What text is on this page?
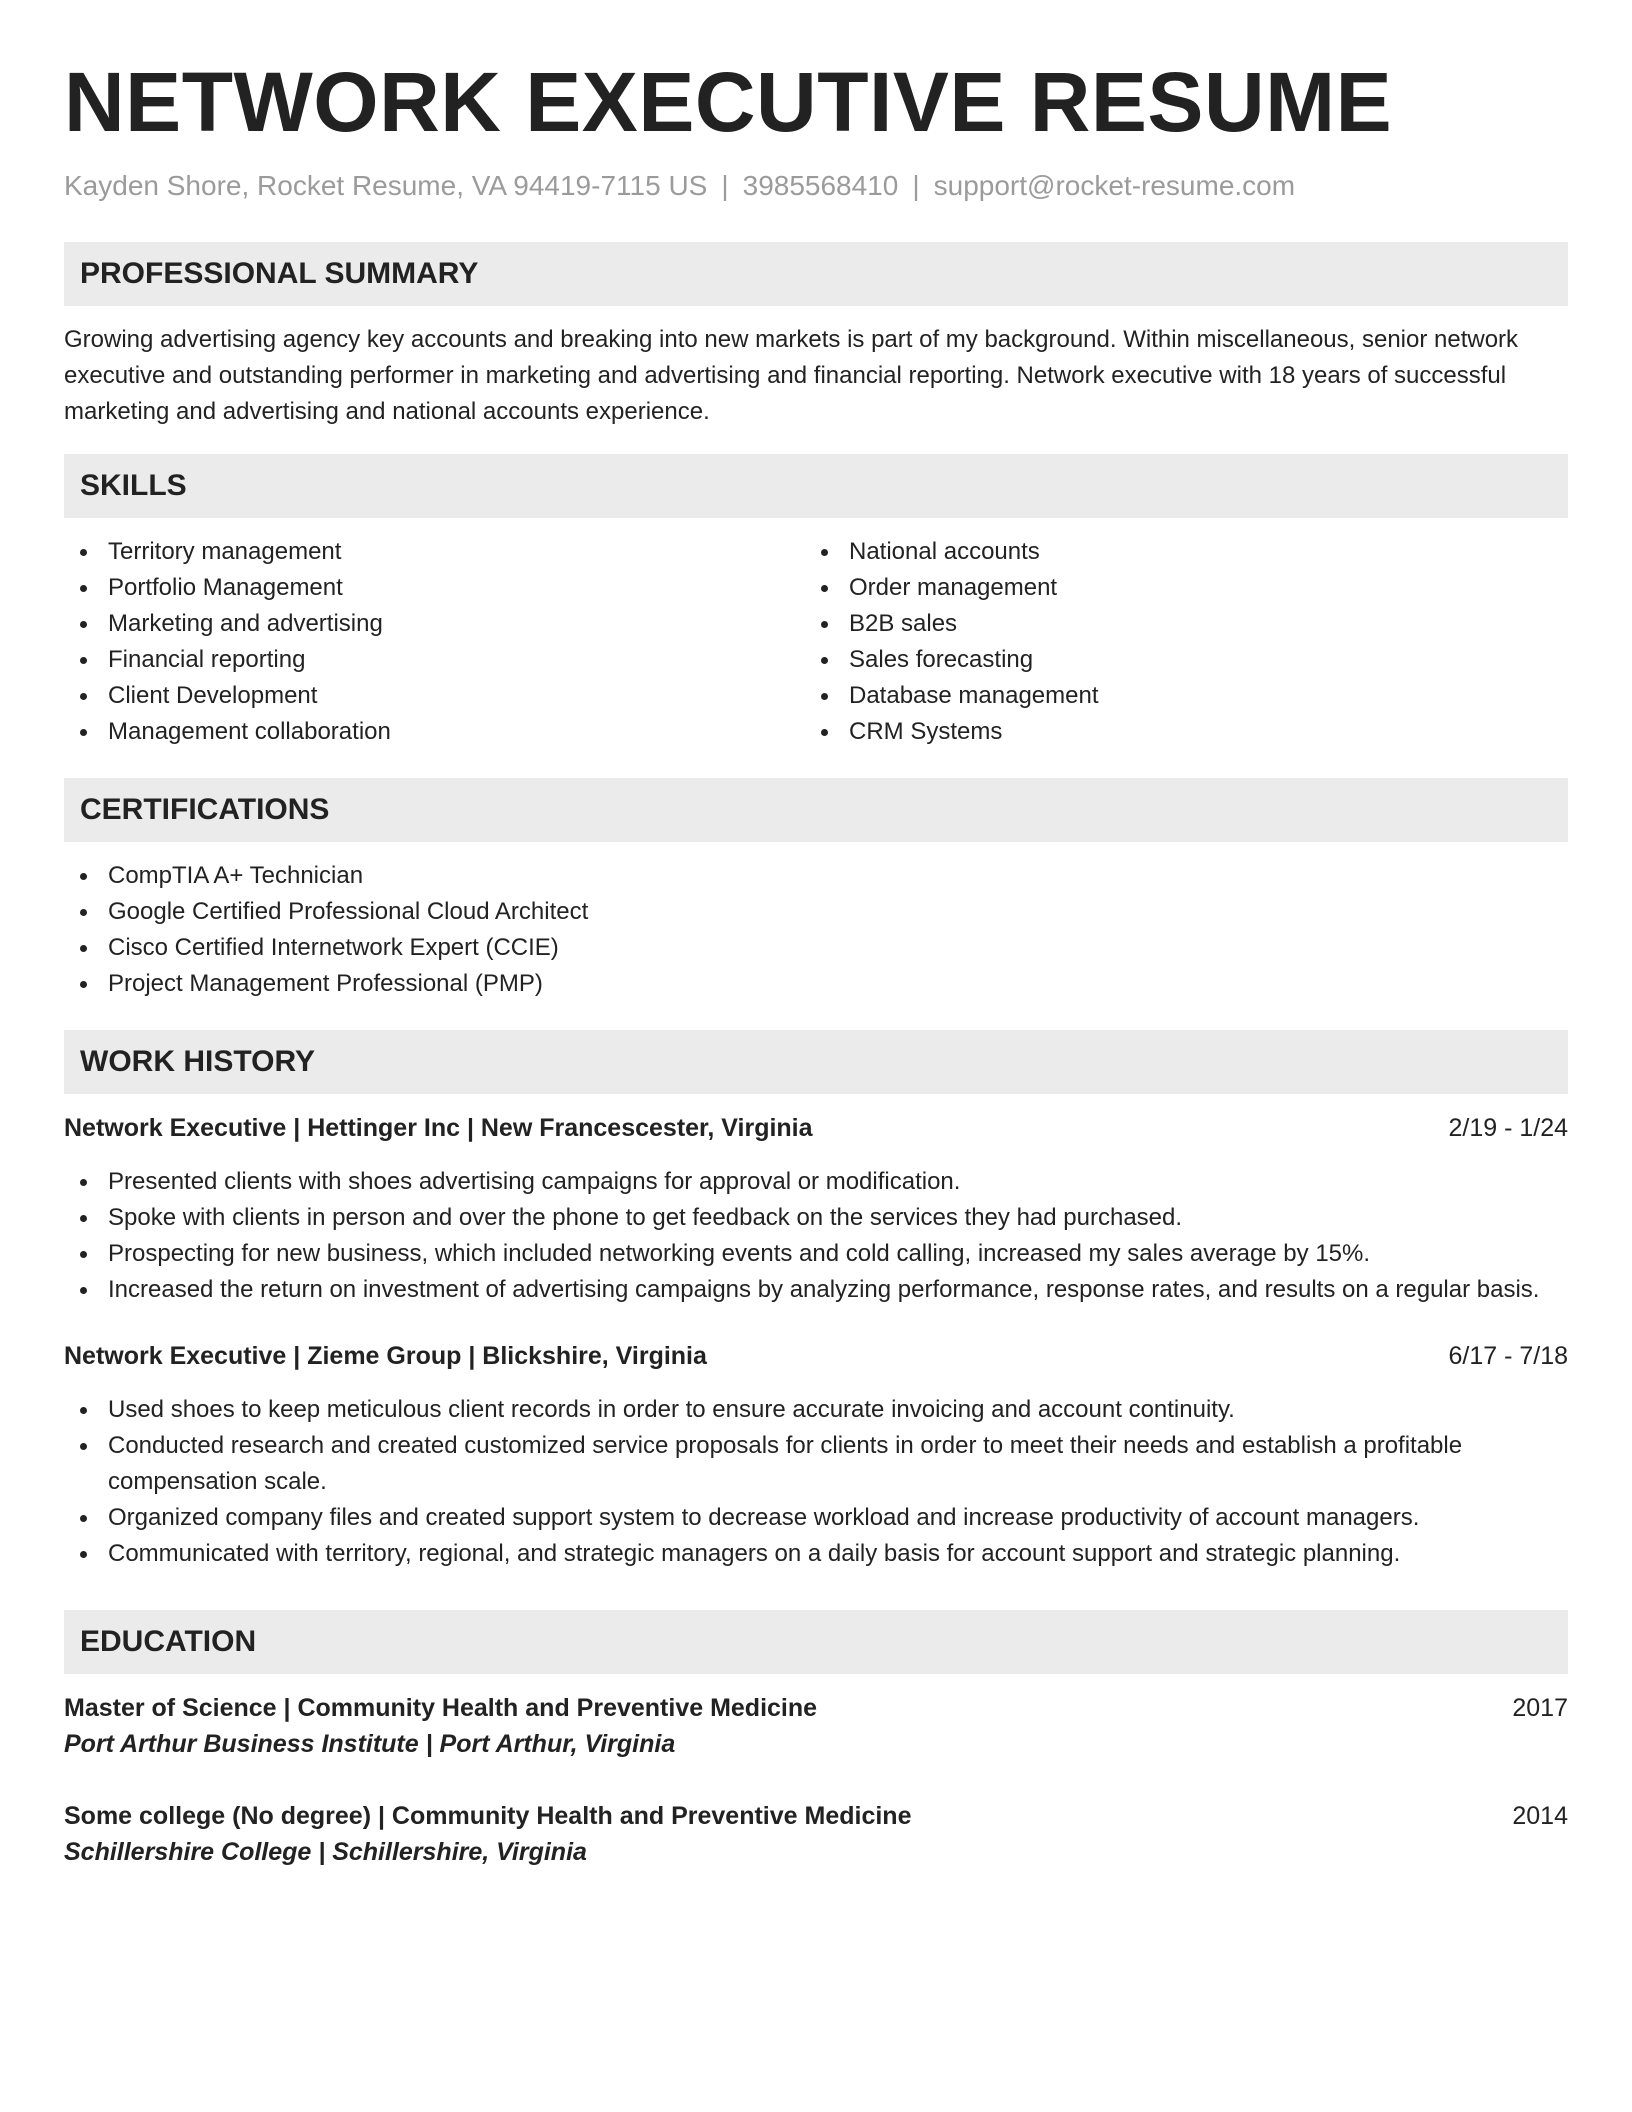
NETWORK EXECUTIVE RESUME
Kayden Shore, Rocket Resume, VA 94419-7115 US | 3985568410 | support@rocket-resume.com
PROFESSIONAL SUMMARY

Growing advertising agency key accounts and breaking into new markets is part of my background. Within miscellaneous, senior network executive and outstanding performer in marketing and advertising and financial reporting. Network executive with 18 years of successful marketing and advertising and national accounts experience.

SKILLS
Territory management
Portfolio Management
Marketing and advertising
Financial reporting
Client Development
Management collaboration
National accounts
Order management
B2B sales
Sales forecasting
Database management
CRM Systems
CERTIFICATIONS
CompTIA A+ Technician
Google Certified Professional Cloud Architect
Cisco Certified Internetwork Expert (CCIE)
Project Management Professional (PMP)
WORK HISTORY
Network Executive | Hettinger Inc | New Francescester, Virginia	2/19 - 1/24
Presented clients with shoes advertising campaigns for approval or modification.
Spoke with clients in person and over the phone to get feedback on the services they had purchased.
Prospecting for new business, which included networking events and cold calling, increased my sales average by 15%.
Increased the return on investment of advertising campaigns by analyzing performance, response rates, and results on a regular basis.
Network Executive | Zieme Group | Blickshire, Virginia	6/17 - 7/18
Used shoes to keep meticulous client records in order to ensure accurate invoicing and account continuity.
Conducted research and created customized service proposals for clients in order to meet their needs and establish a profitable compensation scale.
Organized company files and created support system to decrease workload and increase productivity of account managers.
Communicated with territory, regional, and strategic managers on a daily basis for account support and strategic planning.
EDUCATION
Master of Science | Community Health and Preventive Medicine	2017
Port Arthur Business Institute | Port Arthur, Virginia
Some college (No degree) | Community Health and Preventive Medicine	2014
Schillershire College | Schillershire, Virginia
